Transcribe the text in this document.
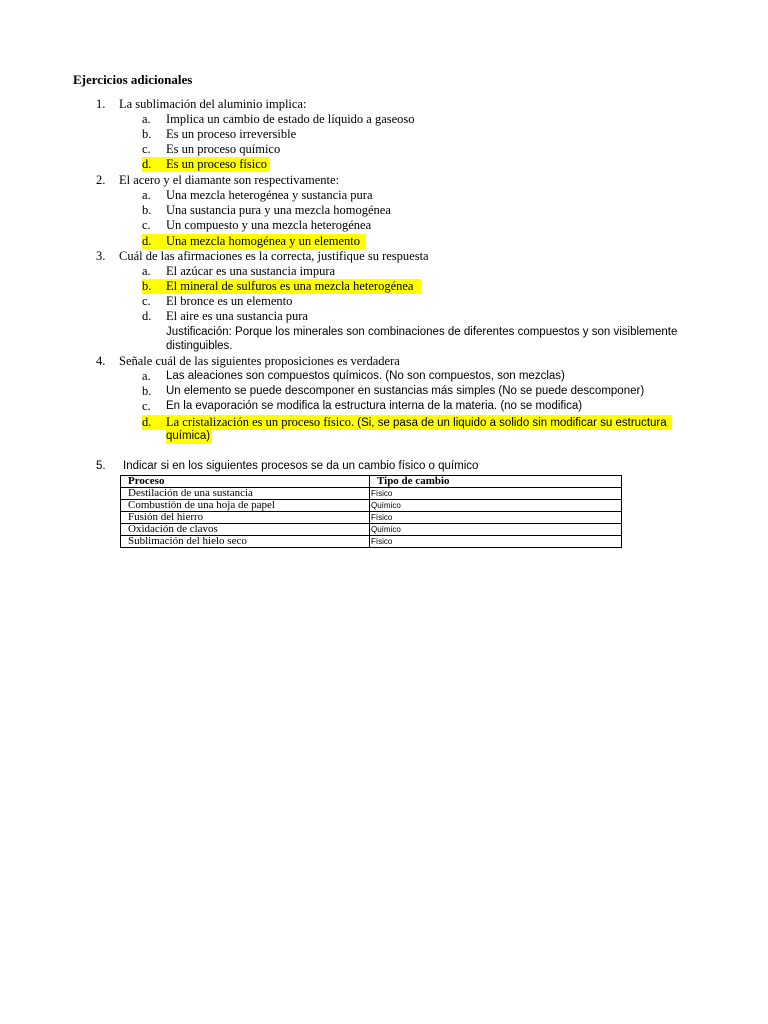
Ejercicios adicionales
1. La sublimación del aluminio implica:
a. Implica un cambio de estado de líquido a gaseoso
b. Es un proceso irreversible
c. Es un proceso químico
d. Es un proceso físico
2. El acero y el diamante son respectivamente:
a. Una mezcla heterogénea y sustancia pura
b. Una sustancia pura y una mezcla homogénea
c. Un compuesto y una mezcla heterogénea
d. Una mezcla homogénea y un elemento
3. Cuál de las afirmaciones es la correcta, justifique su respuesta
a. El azúcar es una sustancia impura
b. El mineral de sulfuros es una mezcla heterogénea
c. El bronce es un elemento
d. El aire es una sustancia pura
Justificación: Porque los minerales son combinaciones de diferentes compuestos y son visiblemente
distinguibles.
4. Señale cuál de las siguientes proposiciones es verdadera
a. Las aleaciones son compuestos químicos. (No son compuestos, son mezclas)
b. Un elemento se puede descomponer en sustancias más simples (No se puede descomponer)
c. En la evaporación se modifica la estructura interna de la materia. (no se modifica)
d. La cristalización es un proceso físico. (Si, se pasa de un liquido a solido sin modificar su estructura
química)
5. Indicar si en los siguientes procesos se da un cambio físico o químico
Proceso	Tipo de cambio
Destilación de una sustancia	Físico
Combustión de una hoja de papel	Químico
Fusión del hierro	Físico
Oxidación de clavos	Químico
Sublimación del hielo seco	Físico
